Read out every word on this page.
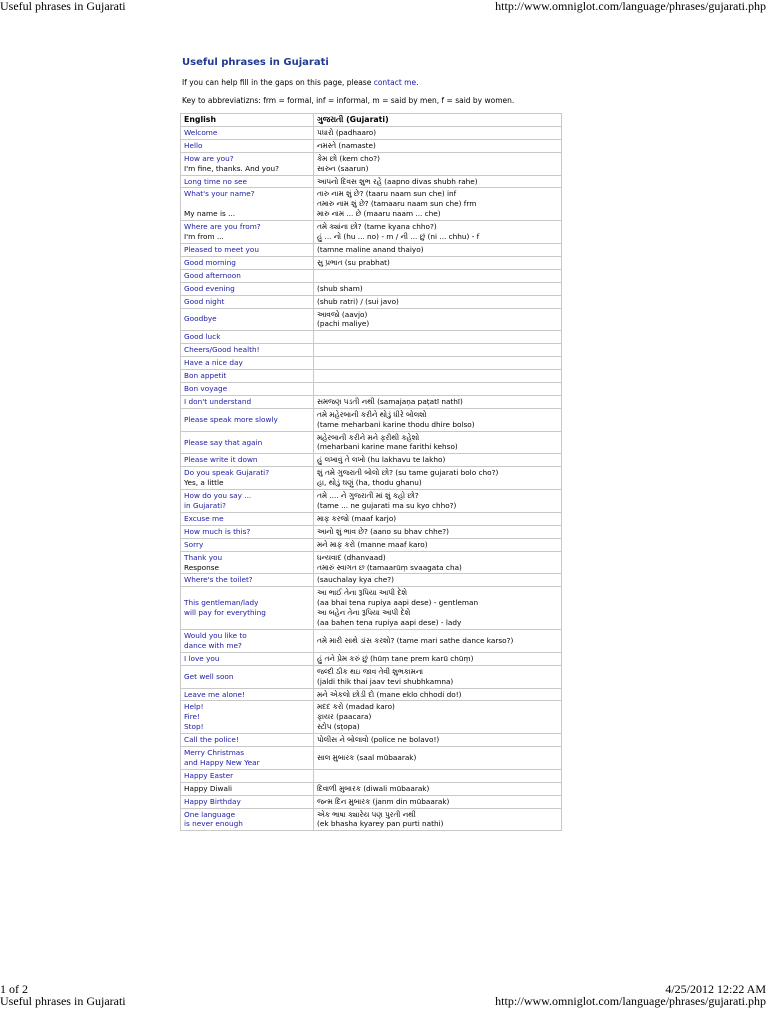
Useful phrases in Gujarati	http://www.omniglot.com/language/phrases/gujarati.php
Useful phrases in Gujarati
If you can help fill in the gaps on this page, please contact me.
Key to abbreviatizns: frm = formal, inf = informal, m = said by men, f = said by women.
English	ગુજરાતી (Gujarati)

Welcome	પધારો (padhaaro)

Hello	નમસ્તે (namaste)

How are you?
I'm fine, thanks. And you?	કેમ છો (kem cho?)
સારુન (saarun)

Long time no see	આપનો દિવસ શુભ રહે (aapno divas shubh rahe)

What's your name?

My name is ...	તારુ નામ શું છે? (taaru naam sun che) inf
તમારુ નામ શું છે? (tamaaru naam sun che) frm
મારુ નામ ... છે (maaru naam ... che)

Where are you from?
I'm from ...	તમે ક્યાંના છો? (tame kyana chho?)
હું ... નો (hu ... no) - m / ની ... છું (ni ... chhu) - f

Pleased to meet you	(tamne maline anand thaiyo)

Good morning	સુ પ્રભાત (su prabhat)

Good afternoon	

Good evening	(shub sham)

Good night	(shub ratri) / (sui javo)

Goodbye	આવજો (aavjo)
(pachi maliye)

Good luck	

Cheers/Good health!	

Have a nice day	

Bon appetit	

Bon voyage	

I don't understand	સમજણ પડતી નથી (samajaṇa paṭatī nathī)

Please speak more slowly	તમે મહેરબાની કરીને થોડું ધીરે બોલશો
(tame meharbani karine thodu dhire bolso)

Please say that again	મહેરબાની કરીને મને ફરીથી કહેશો
(meharbani karine mane farithi kehso)

Please write it down	હું લખાવું તે લખો (hu lakhavu te lakho)

Do you speak Gujarati?
Yes, a little	શું તમે ગુજરાતી બોલો છો? (su tame gujarati bolo cho?)
હા, થોડું ઘણું (ha, thodu ghanu)

How do you say ...
in Gujarati?	તમે .... ને ગુજરાતી માં શું કહો છો?
(tame ... ne gujarati ma su kyo chho?)

Excuse me	માફ કરજો (maaf karjo)

How much is this?	આનો શું ભાવ છે? (aano su bhav chhe?)

Sorry	મને માફ કરો (manne maaf karo)

Thank you
Response	ધન્યવાદ (dhanvaad)
તમારું સ્વાગત છ (tamaarūṃ svaagata cha)

Where's the toilet?	(sauchalay kya che?)

This gentleman/lady
will pay for everything	આ ભાઈ તેના રૂપિયા આપી દેશે
(aa bhai tena rupiya aapi dese) - gentleman
આ બહેન તેના રૂપિયા આપી દેશે
(aa bahen tena rupiya aapi dese) - lady

Would you like to
dance with me?	તમે મારી સાથે ડાંસ કરશો? (tame mari sathe dance karso?)

I love you	હું તને પ્રેમ કરું છું (hūṃ tane prem karū chūṃ)

Get well soon	જલ્દી ઠીક થઇ જાવ તેવી શુભકામના
(jaldi thik thai jaav tevi shubhkamna)

Leave me alone!	મને એકલો છોડી દો (mane eklo chhodi do!)

Help!
Fire!
Stop!	મદદ કરો (madad karo)
ફાયર (paacara)
સ્ટોપ (sṭopa)

Call the police!	પોલીસ ને બોલાવો (police ne bolavo!)

Merry Christmas
and Happy New Year	સાલ મુબારક (saal mūbaarak)

Happy Easter	

Happy Diwali	દિવાળી મુબારક (diwali mūbaarak)

Happy Birthday	જન્મ દિન મુબારક (janm din mūbaarak)

One language
is never enough	એક ભાષા ક્યારેય પણ પુરતી નથી
(ek bhasha kyarey pan purti nathi)
1 of 2	4/25/2012 12:22 AM
Useful phrases in Gujarati	http://www.omniglot.com/language/phrases/gujarati.php
